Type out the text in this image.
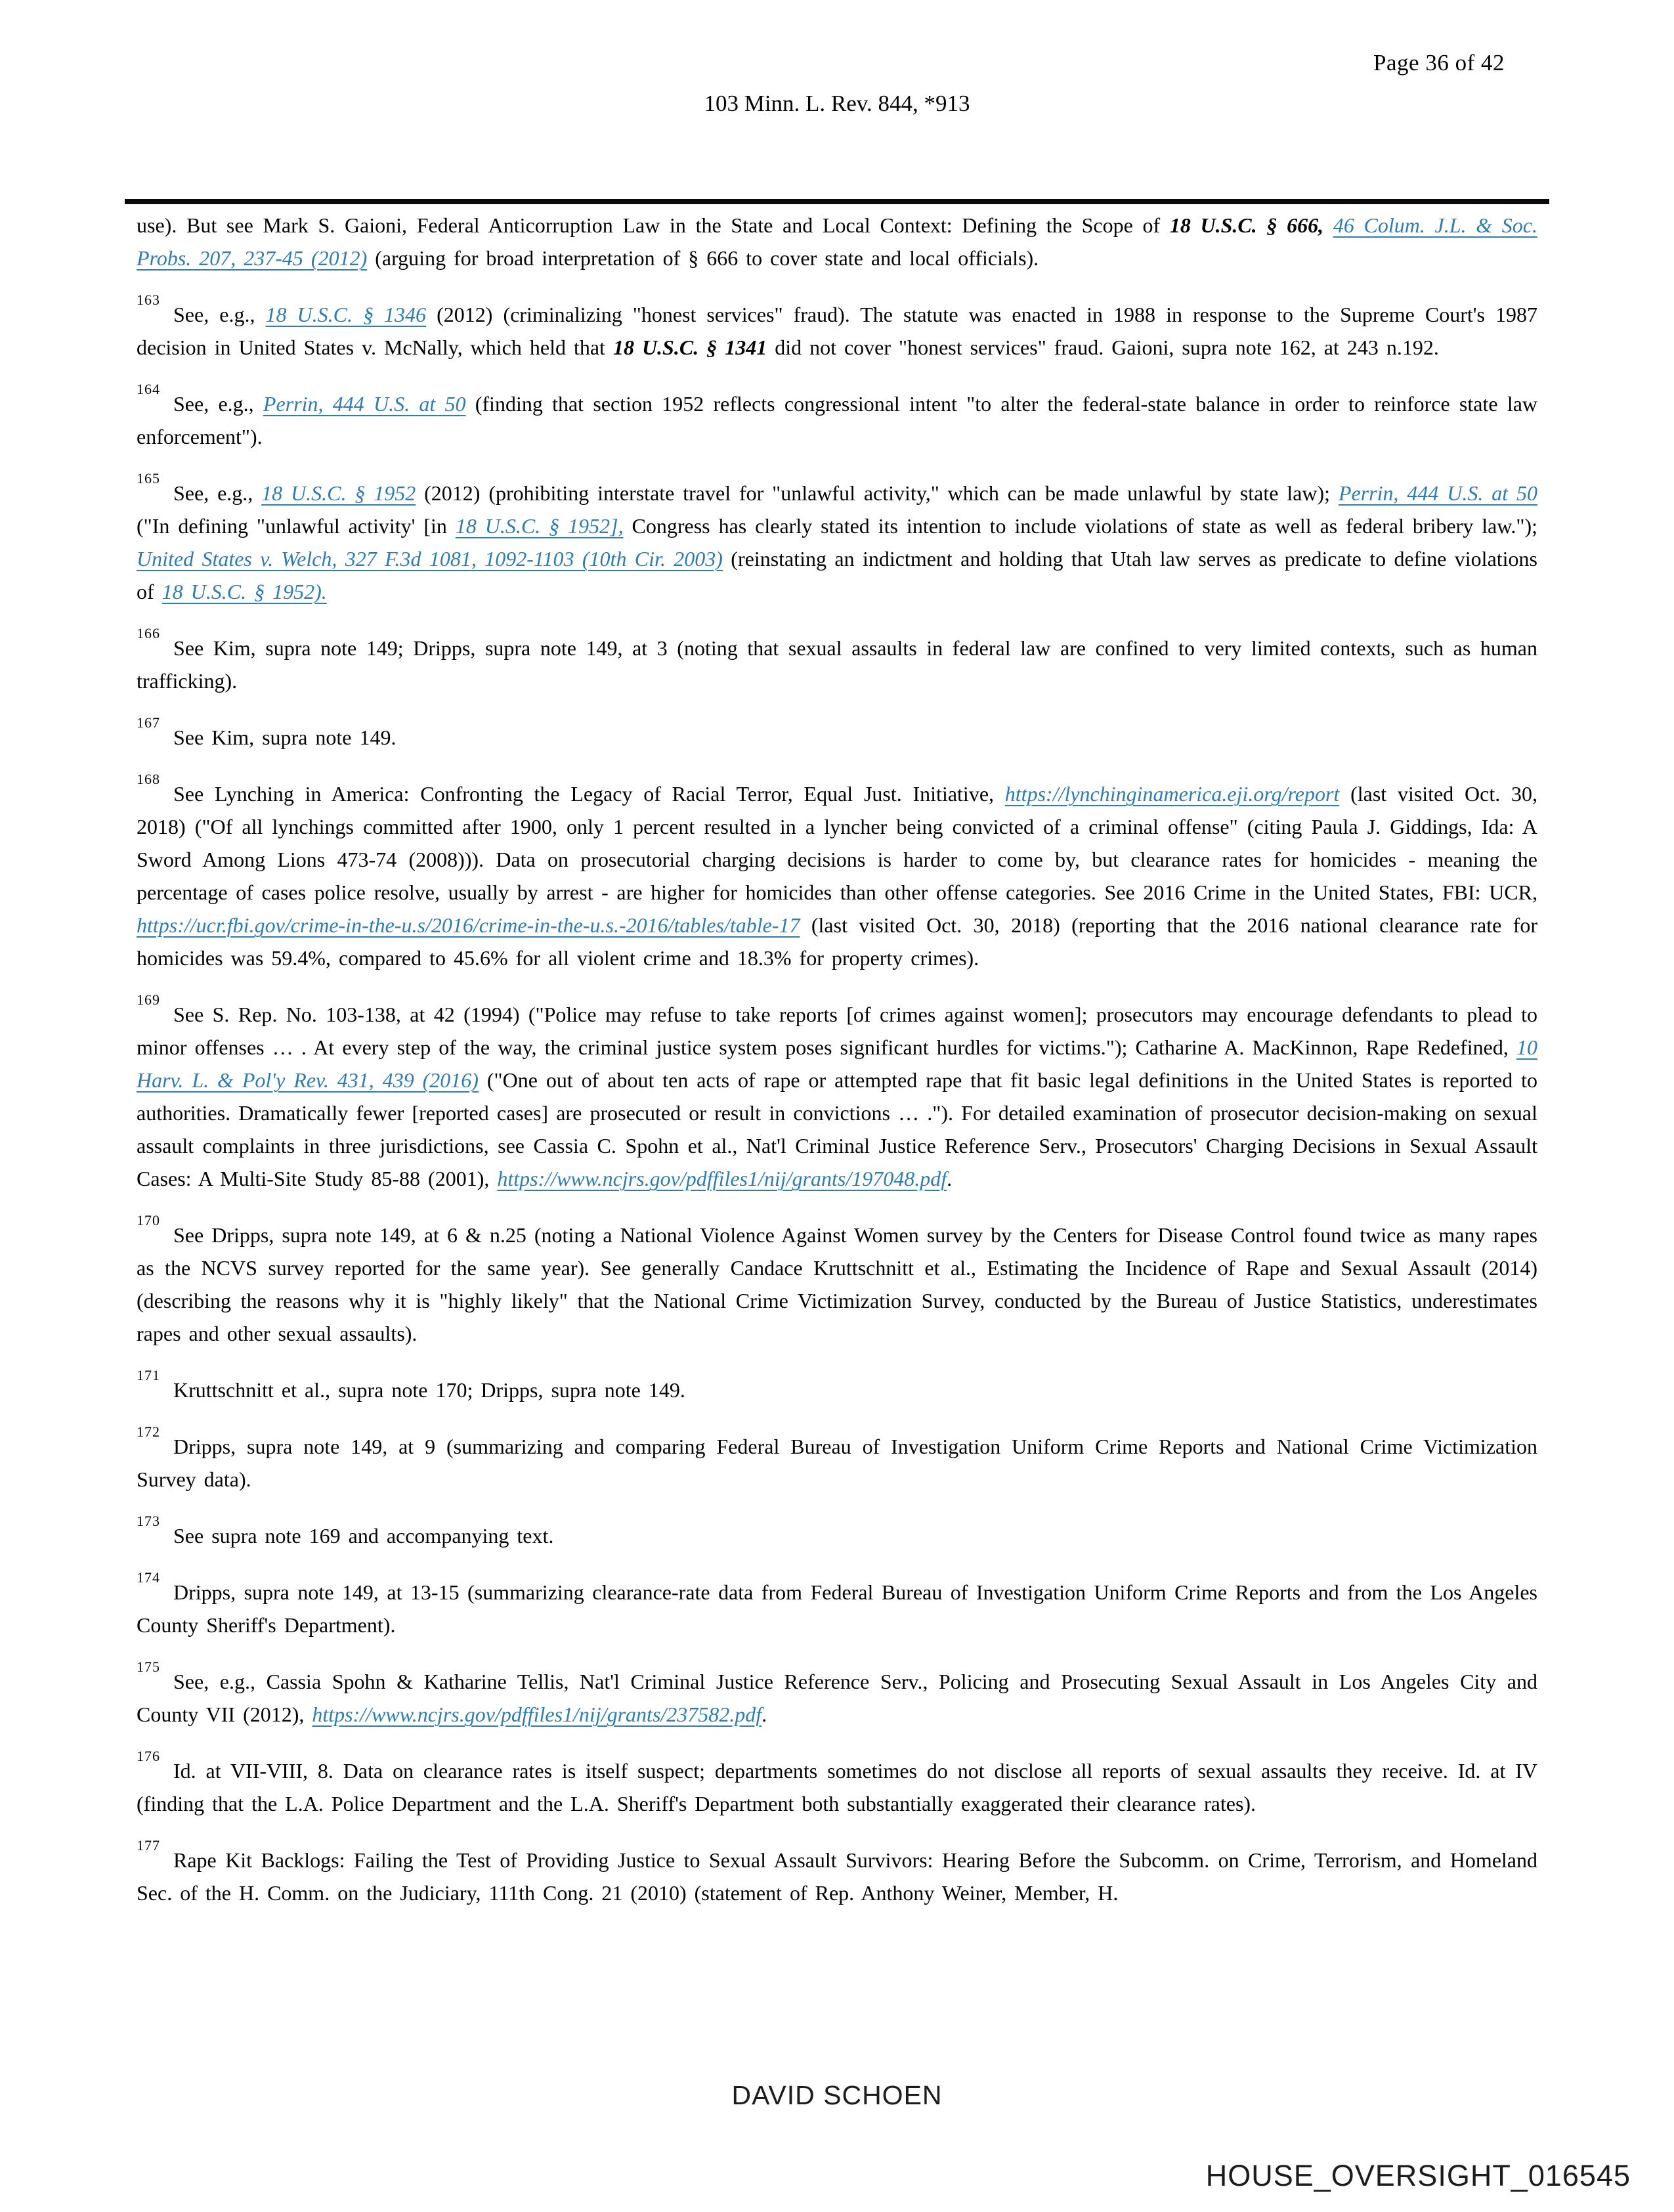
Page 36 of 42
103 Minn. L. Rev. 844, *913

use). But see Mark S. Gaioni, Federal Anticorruption Law in the State and Local Context: Defining the Scope of 18 U.S.C. § 666, 46 Colum. J.L. & Soc. Probs. 207, 237-45 (2012) (arguing for broad interpretation of § 666 to cover state and local officials).

$^{163}$See, e.g., 18 U.S.C. § 1346 (2012) (criminalizing "honest services" fraud). The statute was enacted in 1988 in response to the Supreme Court's 1987 decision in United States v. McNally, which held that 18 U.S.C. § 1341 did not cover "honest services" fraud. Gaioni, supra note 162, at 243 n.192.

$^{164}$See, e.g., Perrin, 444 U.S. at 50 (finding that section 1952 reflects congressional intent "to alter the federal-state balance in order to reinforce state law enforcement").

$^{165}$See, e.g., 18 U.S.C. § 1952 (2012) (prohibiting interstate travel for "unlawful activity," which can be made unlawful by state law); Perrin, 444 U.S. at 50 ("In defining "unlawful activity' [in 18 U.S.C. § 1952], Congress has clearly stated its intention to include violations of state as well as federal bribery law."); United States v. Welch, 327 F.3d 1081, 1092-1103 (10th Cir. 2003) (reinstating an indictment and holding that Utah law serves as predicate to define violations of 18 U.S.C. § 1952).

$^{166}$See Kim, supra note 149; Dripps, supra note 149, at 3 (noting that sexual assaults in federal law are confined to very limited contexts, such as human trafficking).

$^{167}$See Kim, supra note 149.

$^{168}$See Lynching in America: Confronting the Legacy of Racial Terror, Equal Just. Initiative, https://lynchinginamerica.eji.org/report (last visited Oct. 30, 2018) ("Of all lynchings committed after 1900, only 1 percent resulted in a lyncher being convicted of a criminal offense" (citing Paula J. Giddings, Ida: A Sword Among Lions 473-74 (2008))). Data on prosecutorial charging decisions is harder to come by, but clearance rates for homicides - meaning the percentage of cases police resolve, usually by arrest - are higher for homicides than other offense categories. See 2016 Crime in the United States, FBI: UCR, https://ucr.fbi.gov/crime-in-the-u.s/2016/crime-in-the-u.s.-2016/tables/table-17 (last visited Oct. 30, 2018) (reporting that the 2016 national clearance rate for homicides was 59.4%, compared to 45.6% for all violent crime and 18.3% for property crimes).

$^{169}$See S. Rep. No. 103-138, at 42 (1994) ("Police may refuse to take reports [of crimes against women]; prosecutors may encourage defendants to plead to minor offenses … . At every step of the way, the criminal justice system poses significant hurdles for victims."); Catharine A. MacKinnon, Rape Redefined, 10 Harv. L. & Pol'y Rev. 431, 439 (2016) ("One out of about ten acts of rape or attempted rape that fit basic legal definitions in the United States is reported to authorities. Dramatically fewer [reported cases] are prosecuted or result in convictions … ."). For detailed examination of prosecutor decision-making on sexual assault complaints in three jurisdictions, see Cassia C. Spohn et al., Nat'l Criminal Justice Reference Serv., Prosecutors' Charging Decisions in Sexual Assault Cases: A Multi-Site Study 85-88 (2001), https://www.ncjrs.gov/pdffiles1/nij/grants/197048.pdf.

$^{170}$See Dripps, supra note 149, at 6 & n.25 (noting a National Violence Against Women survey by the Centers for Disease Control found twice as many rapes as the NCVS survey reported for the same year). See generally Candace Kruttschnitt et al., Estimating the Incidence of Rape and Sexual Assault (2014) (describing the reasons why it is "highly likely" that the National Crime Victimization Survey, conducted by the Bureau of Justice Statistics, underestimates rapes and other sexual assaults).

$^{171}$Kruttschnitt et al., supra note 170; Dripps, supra note 149.

$^{172}$Dripps, supra note 149, at 9 (summarizing and comparing Federal Bureau of Investigation Uniform Crime Reports and National Crime Victimization Survey data).

$^{173}$See supra note 169 and accompanying text.

$^{174}$Dripps, supra note 149, at 13-15 (summarizing clearance-rate data from Federal Bureau of Investigation Uniform Crime Reports and from the Los Angeles County Sheriff's Department).

$^{175}$See, e.g., Cassia Spohn & Katharine Tellis, Nat'l Criminal Justice Reference Serv., Policing and Prosecuting Sexual Assault in Los Angeles City and County VII (2012), https://www.ncjrs.gov/pdffiles1/nij/grants/237582.pdf.

$^{176}$Id. at VII-VIII, 8. Data on clearance rates is itself suspect; departments sometimes do not disclose all reports of sexual assaults they receive. Id. at IV (finding that the L.A. Police Department and the L.A. Sheriff's Department both substantially exaggerated their clearance rates).

$^{177}$Rape Kit Backlogs: Failing the Test of Providing Justice to Sexual Assault Survivors: Hearing Before the Subcomm. on Crime, Terrorism, and Homeland Sec. of the H. Comm. on the Judiciary, 111th Cong. 21 (2010) (statement of Rep. Anthony Weiner, Member, H.

DAVID SCHOEN
HOUSE_OVERSIGHT_016545
